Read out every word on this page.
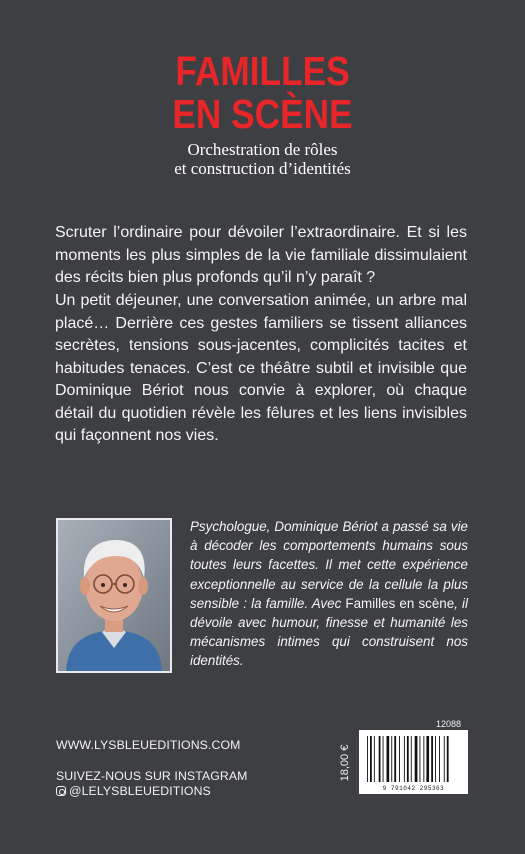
FAMILLES
EN SCÈNE
Orchestration de rôles
et construction d’identités

Scruter l’ordinaire pour dévoiler l’extraordinaire. Et si les moments les plus simples de la vie familiale dissimulaient des récits bien plus profonds qu’il n’y paraît ?

Un petit déjeuner, une conversation animée, un arbre mal placé… Derrière ces gestes familiers se tissent alliances secrètes, tensions sous-jacentes, complicités tacites et habitudes tenaces. C’est ce théâtre subtil et invisible que Dominique Bériot nous convie à explorer, où chaque détail du quotidien révèle les fêlures et les liens invisibles qui façonnent nos vies.

Psychologue, Dominique Bériot a passé sa vie à décoder les comportements humains sous toutes leurs facettes. Il met cette expérience exceptionnelle au service de la cellule la plus sensible : la famille. Avec Familles en scène, il dévoile avec humour, finesse et humanité les mécanismes intimes qui construisent nos identités.

WWW.LYSBLEUEDITIONS.COM
SUIVEZ-NOUS SUR INSTAGRAM
@LELYSBLEUEDITIONS
12088
18,00 €
9 791042 295363
